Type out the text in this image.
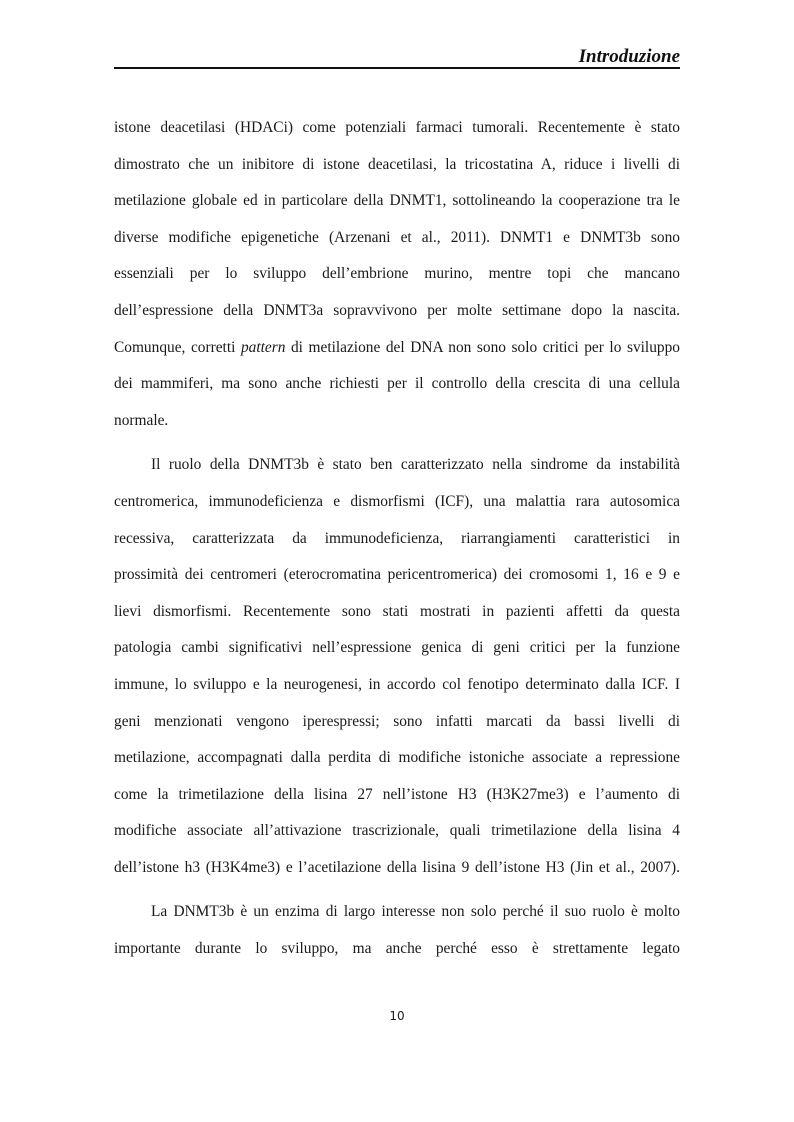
Introduzione
istone deacetilasi (HDACi) come potenziali farmaci tumorali. Recentemente è stato
dimostrato che un inibitore di istone deacetilasi, la tricostatina A, riduce i livelli di
metilazione globale ed in particolare della DNMT1, sottolineando la cooperazione tra le
diverse modifiche epigenetiche (Arzenani et al., 2011). DNMT1 e DNMT3b sono
essenziali per lo sviluppo dell’embrione murino, mentre topi che mancano
dell’espressione della DNMT3a sopravvivono per molte settimane dopo la nascita.
Comunque, corretti pattern di metilazione del DNA non sono solo critici per lo sviluppo
dei mammiferi, ma sono anche richiesti per il controllo della crescita di una cellula
normale.
Il ruolo della DNMT3b è stato ben caratterizzato nella sindrome da instabilità
centromerica, immunodeficienza e dismorfismi (ICF), una malattia rara autosomica
recessiva, caratterizzata da immunodeficienza, riarrangiamenti caratteristici in
prossimità dei centromeri (eterocromatina pericentromerica) dei cromosomi 1, 16 e 9 e
lievi dismorfismi. Recentemente sono stati mostrati in pazienti affetti da questa
patologia cambi significativi nell’espressione genica di geni critici per la funzione
immune, lo sviluppo e la neurogenesi, in accordo col fenotipo determinato dalla ICF. I
geni menzionati vengono iperespressi; sono infatti marcati da bassi livelli di
metilazione, accompagnati dalla perdita di modifiche istoniche associate a repressione
come la trimetilazione della lisina 27 nell’istone H3 (H3K27me3) e l’aumento di
modifiche associate all’attivazione trascrizionale, quali trimetilazione della lisina 4
dell’istone h3 (H3K4me3) e l’acetilazione della lisina 9 dell’istone H3 (Jin et al., 2007).
La DNMT3b è un enzima di largo interesse non solo perché il suo ruolo è molto
importante durante lo sviluppo, ma anche perché esso è strettamente legato
10
